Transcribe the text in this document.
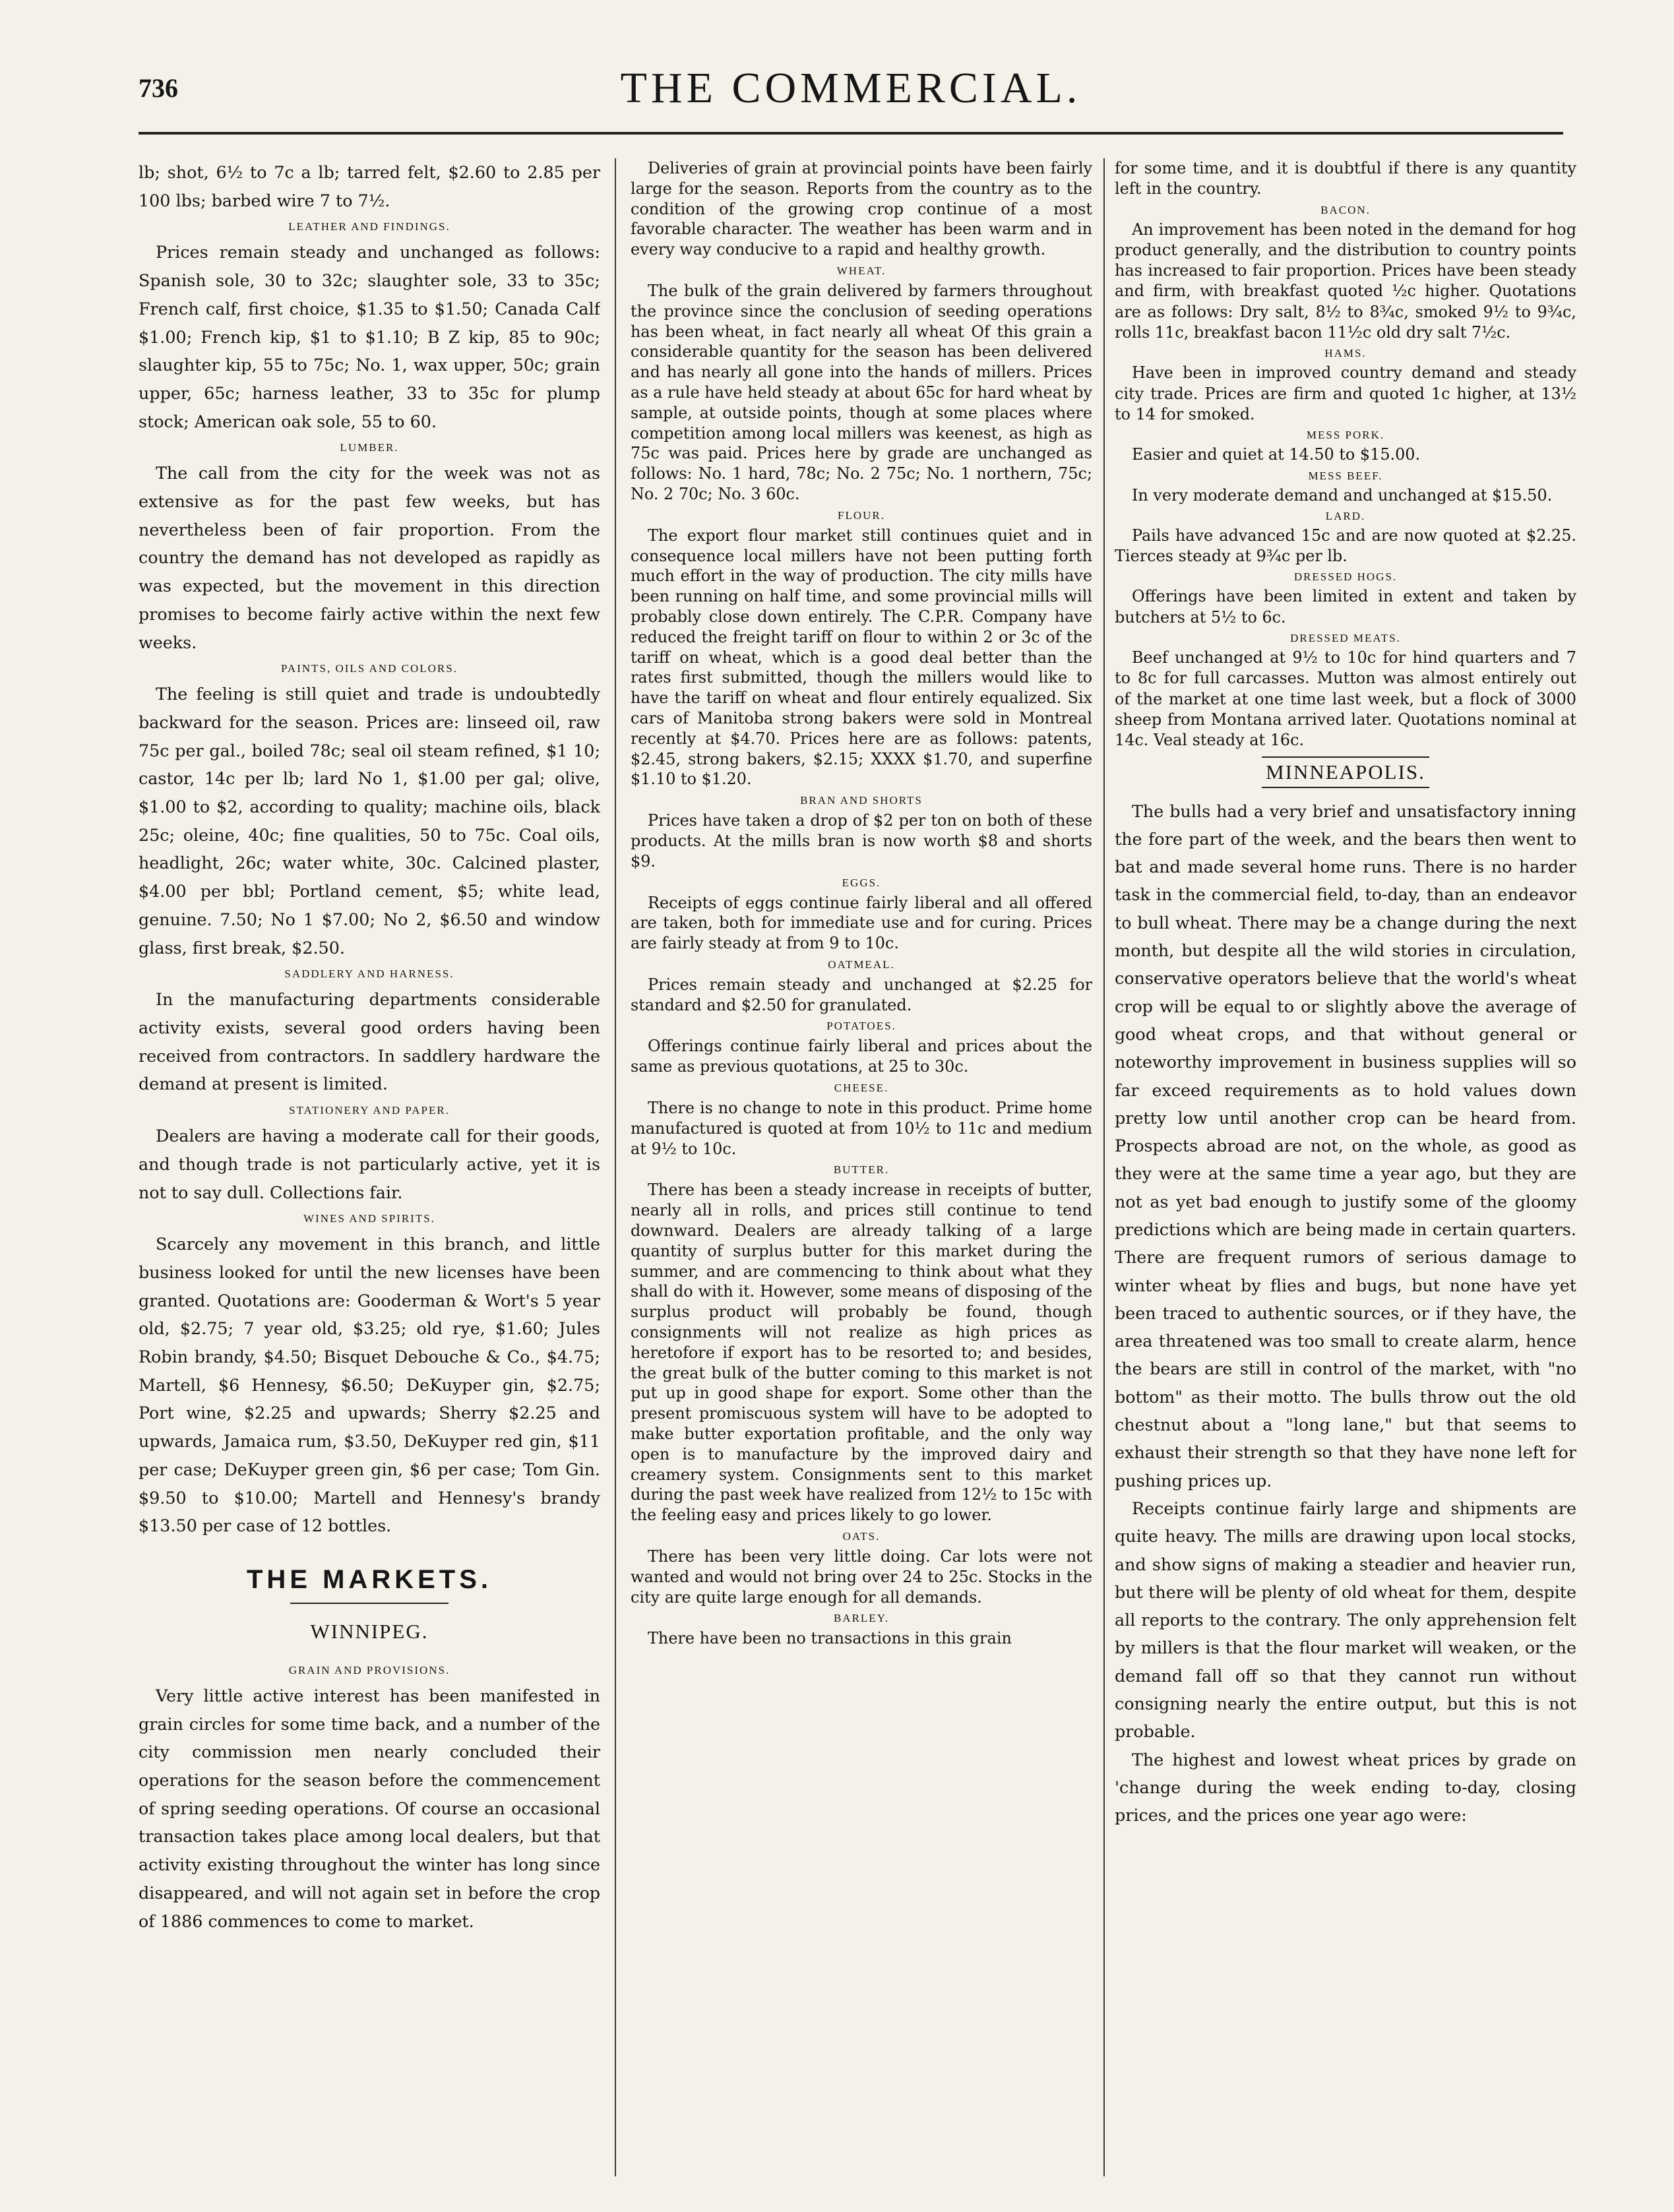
736	THE COMMERCIAL.

lb; shot, 6½ to 7c a lb; tarred felt, $2.60 to 2.85 per 100 lbs; barbed wire 7 to 7½.

LEATHER AND FINDINGS.

Prices remain steady and unchanged as follows: Spanish sole, 30 to 32c; slaughter sole, 33 to 35c; French calf, first choice, $1.35 to $1.50; Canada Calf $1.00; French kip, $1 to $1.10; B Z kip, 85 to 90c; slaughter kip, 55 to 75c; No. 1, wax upper, 50c; grain upper, 65c; harness leather, 33 to 35c for plump stock; American oak sole, 55 to 60.

LUMBER.

The call from the city for the week was not as extensive as for the past few weeks, but has nevertheless been of fair proportion. From the country the demand has not developed as rapidly as was expected, but the movement in this direction promises to become fairly active within the next few weeks.

PAINTS, OILS AND COLORS.

The feeling is still quiet and trade is undoubtedly backward for the season. Prices are: linseed oil, raw 75c per gal., boiled 78c; seal oil steam refined, $1 10; castor, 14c per lb; lard No 1, $1.00 per gal; olive, $1.00 to $2, according to quality; machine oils, black 25c; oleine, 40c; fine qualities, 50 to 75c. Coal oils, headlight, 26c; water white, 30c. Calcined plaster, $4.00 per bbl; Portland cement, $5; white lead, genuine. 7.50; No 1 $7.00; No 2, $6.50 and window glass, first break, $2.50.

SADDLERY AND HARNESS.

In the manufacturing departments considerable activity exists, several good orders having been received from contractors. In saddlery hardware the demand at present is limited.

STATIONERY AND PAPER.

Dealers are having a moderate call for their goods, and though trade is not particularly active, yet it is not to say dull. Collections fair.

WINES AND SPIRITS.

Scarcely any movement in this branch, and little business looked for until the new licenses have been granted. Quotations are: Gooderman & Wort's 5 year old, $2.75; 7 year old, $3.25; old rye, $1.60; Jules Robin brandy, $4.50; Bisquet Debouche & Co., $4.75; Martell, $6 Hennesy, $6.50; DeKuyper gin, $2.75; Port wine, $2.25 and upwards; Sherry $2.25 and upwards, Jamaica rum, $3.50, DeKuyper red gin, $11 per case; DeKuyper green gin, $6 per case; Tom Gin. $9.50 to $10.00; Martell and Hennesy's brandy $13.50 per case of 12 bottles.

THE MARKETS.
WINNIPEG.
GRAIN AND PROVISIONS.

Very little active interest has been manifested in grain circles for some time back, and a number of the city commission men nearly concluded their operations for the season before the commencement of spring seeding operations. Of course an occasional transaction takes place among local dealers, but that activity existing throughout the winter has long since disappeared, and will not again set in before the crop of 1886 commences to come to market.

Deliveries of grain at provincial points have been fairly large for the season. Reports from the country as to the condition of the growing crop continue of a most favorable character. The weather has been warm and in every way conducive to a rapid and healthy growth.

WHEAT.

The bulk of the grain delivered by farmers throughout the province since the conclusion of seeding operations has been wheat, in fact nearly all wheat Of this grain a considerable quantity for the season has been delivered and has nearly all gone into the hands of millers. Prices as a rule have held steady at about 65c for hard wheat by sample, at outside points, though at some places where competition among local millers was keenest, as high as 75c was paid. Prices here by grade are unchanged as follows: No. 1 hard, 78c; No. 2 75c; No. 1 northern, 75c; No. 2 70c; No. 3 60c.

FLOUR.

The export flour market still continues quiet and in consequence local millers have not been putting forth much effort in the way of production. The city mills have been running on half time, and some provincial mills will probably close down entirely. The C.P.R. Company have reduced the freight tariff on flour to within 2 or 3c of the tariff on wheat, which is a good deal better than the rates first submitted, though the millers would like to have the tariff on wheat and flour entirely equalized. Six cars of Manitoba strong bakers were sold in Montreal recently at $4.70. Prices here are as follows: patents, $2.45, strong bakers, $2.15; XXXX $1.70, and superfine $1.10 to $1.20.

BRAN AND SHORTS

Prices have taken a drop of $2 per ton on both of these products. At the mills bran is now worth $8 and shorts $9.

EGGS.

Receipts of eggs continue fairly liberal and all offered are taken, both for immediate use and for curing. Prices are fairly steady at from 9 to 10c.

OATMEAL.

Prices remain steady and unchanged at $2.25 for standard and $2.50 for granulated.

POTATOES.

Offerings continue fairly liberal and prices about the same as previous quotations, at 25 to 30c.

CHEESE.

There is no change to note in this product. Prime home manufactured is quoted at from 10½ to 11c and medium at 9½ to 10c.

BUTTER.

There has been a steady increase in receipts of butter, nearly all in rolls, and prices still continue to tend downward. Dealers are already talking of a large quantity of surplus butter for this market during the summer, and are commencing to think about what they shall do with it. However, some means of disposing of the surplus product will probably be found, though consignments will not realize as high prices as heretofore if export has to be resorted to; and besides, the great bulk of the butter coming to this market is not put up in good shape for export. Some other than the present promiscuous system will have to be adopted to make butter exportation profitable, and the only way open is to manufacture by the improved dairy and creamery system. Consignments sent to this market during the past week have realized from 12½ to 15c with the feeling easy and prices likely to go lower.

OATS.

There has been very little doing. Car lots were not wanted and would not bring over 24 to 25c. Stocks in the city are quite large enough for all demands.

BARLEY.

There have been no transactions in this grain

for some time, and it is doubtful if there is any quantity left in the country.

BACON.

An improvement has been noted in the demand for hog product generally, and the distribution to country points has increased to fair proportion. Prices have been steady and firm, with breakfast quoted ½c higher. Quotations are as follows: Dry salt, 8½ to 8¾c, smoked 9½ to 9¾c, rolls 11c, breakfast bacon 11½c old dry salt 7½c.

HAMS.

Have been in improved country demand and steady city trade. Prices are firm and quoted 1c higher, at 13½ to 14 for smoked.

MESS PORK.

Easier and quiet at 14.50 to $15.00.

MESS BEEF.

In very moderate demand and unchanged at $15.50.

LARD.

Pails have advanced 15c and are now quoted at $2.25. Tierces steady at 9¾c per lb.

DRESSED HOGS.

Offerings have been limited in extent and taken by butchers at 5½ to 6c.

DRESSED MEATS.

Beef unchanged at 9½ to 10c for hind quarters and 7 to 8c for full carcasses. Mutton was almost entirely out of the market at one time last week, but a flock of 3000 sheep from Montana arrived later. Quotations nominal at 14c. Veal steady at 16c.

MINNEAPOLIS.

The bulls had a very brief and unsatisfactory inning the fore part of the week, and the bears then went to bat and made several home runs. There is no harder task in the commercial field, to-day, than an endeavor to bull wheat. There may be a change during the next month, but despite all the wild stories in circulation, conservative operators believe that the world's wheat crop will be equal to or slightly above the average of good wheat crops, and that without general or noteworthy improvement in business supplies will so far exceed requirements as to hold values down pretty low until another crop can be heard from. Prospects abroad are not, on the whole, as good as they were at the same time a year ago, but they are not as yet bad enough to justify some of the gloomy predictions which are being made in certain quarters. There are frequent rumors of serious damage to winter wheat by flies and bugs, but none have yet been traced to authentic sources, or if they have, the area threatened was too small to create alarm, hence the bears are still in control of the market, with "no bottom" as their motto. The bulls throw out the old chestnut about a "long lane," but that seems to exhaust their strength so that they have none left for pushing prices up.

Receipts continue fairly large and shipments are quite heavy. The mills are drawing upon local stocks, and show signs of making a steadier and heavier run, but there will be plenty of old wheat for them, despite all reports to the contrary. The only apprehension felt by millers is that the flour market will weaken, or the demand fall off so that they cannot run without consigning nearly the entire output, but this is not probable.

The highest and lowest wheat prices by grade on 'change during the week ending to-day, closing prices, and the prices one year ago were:
